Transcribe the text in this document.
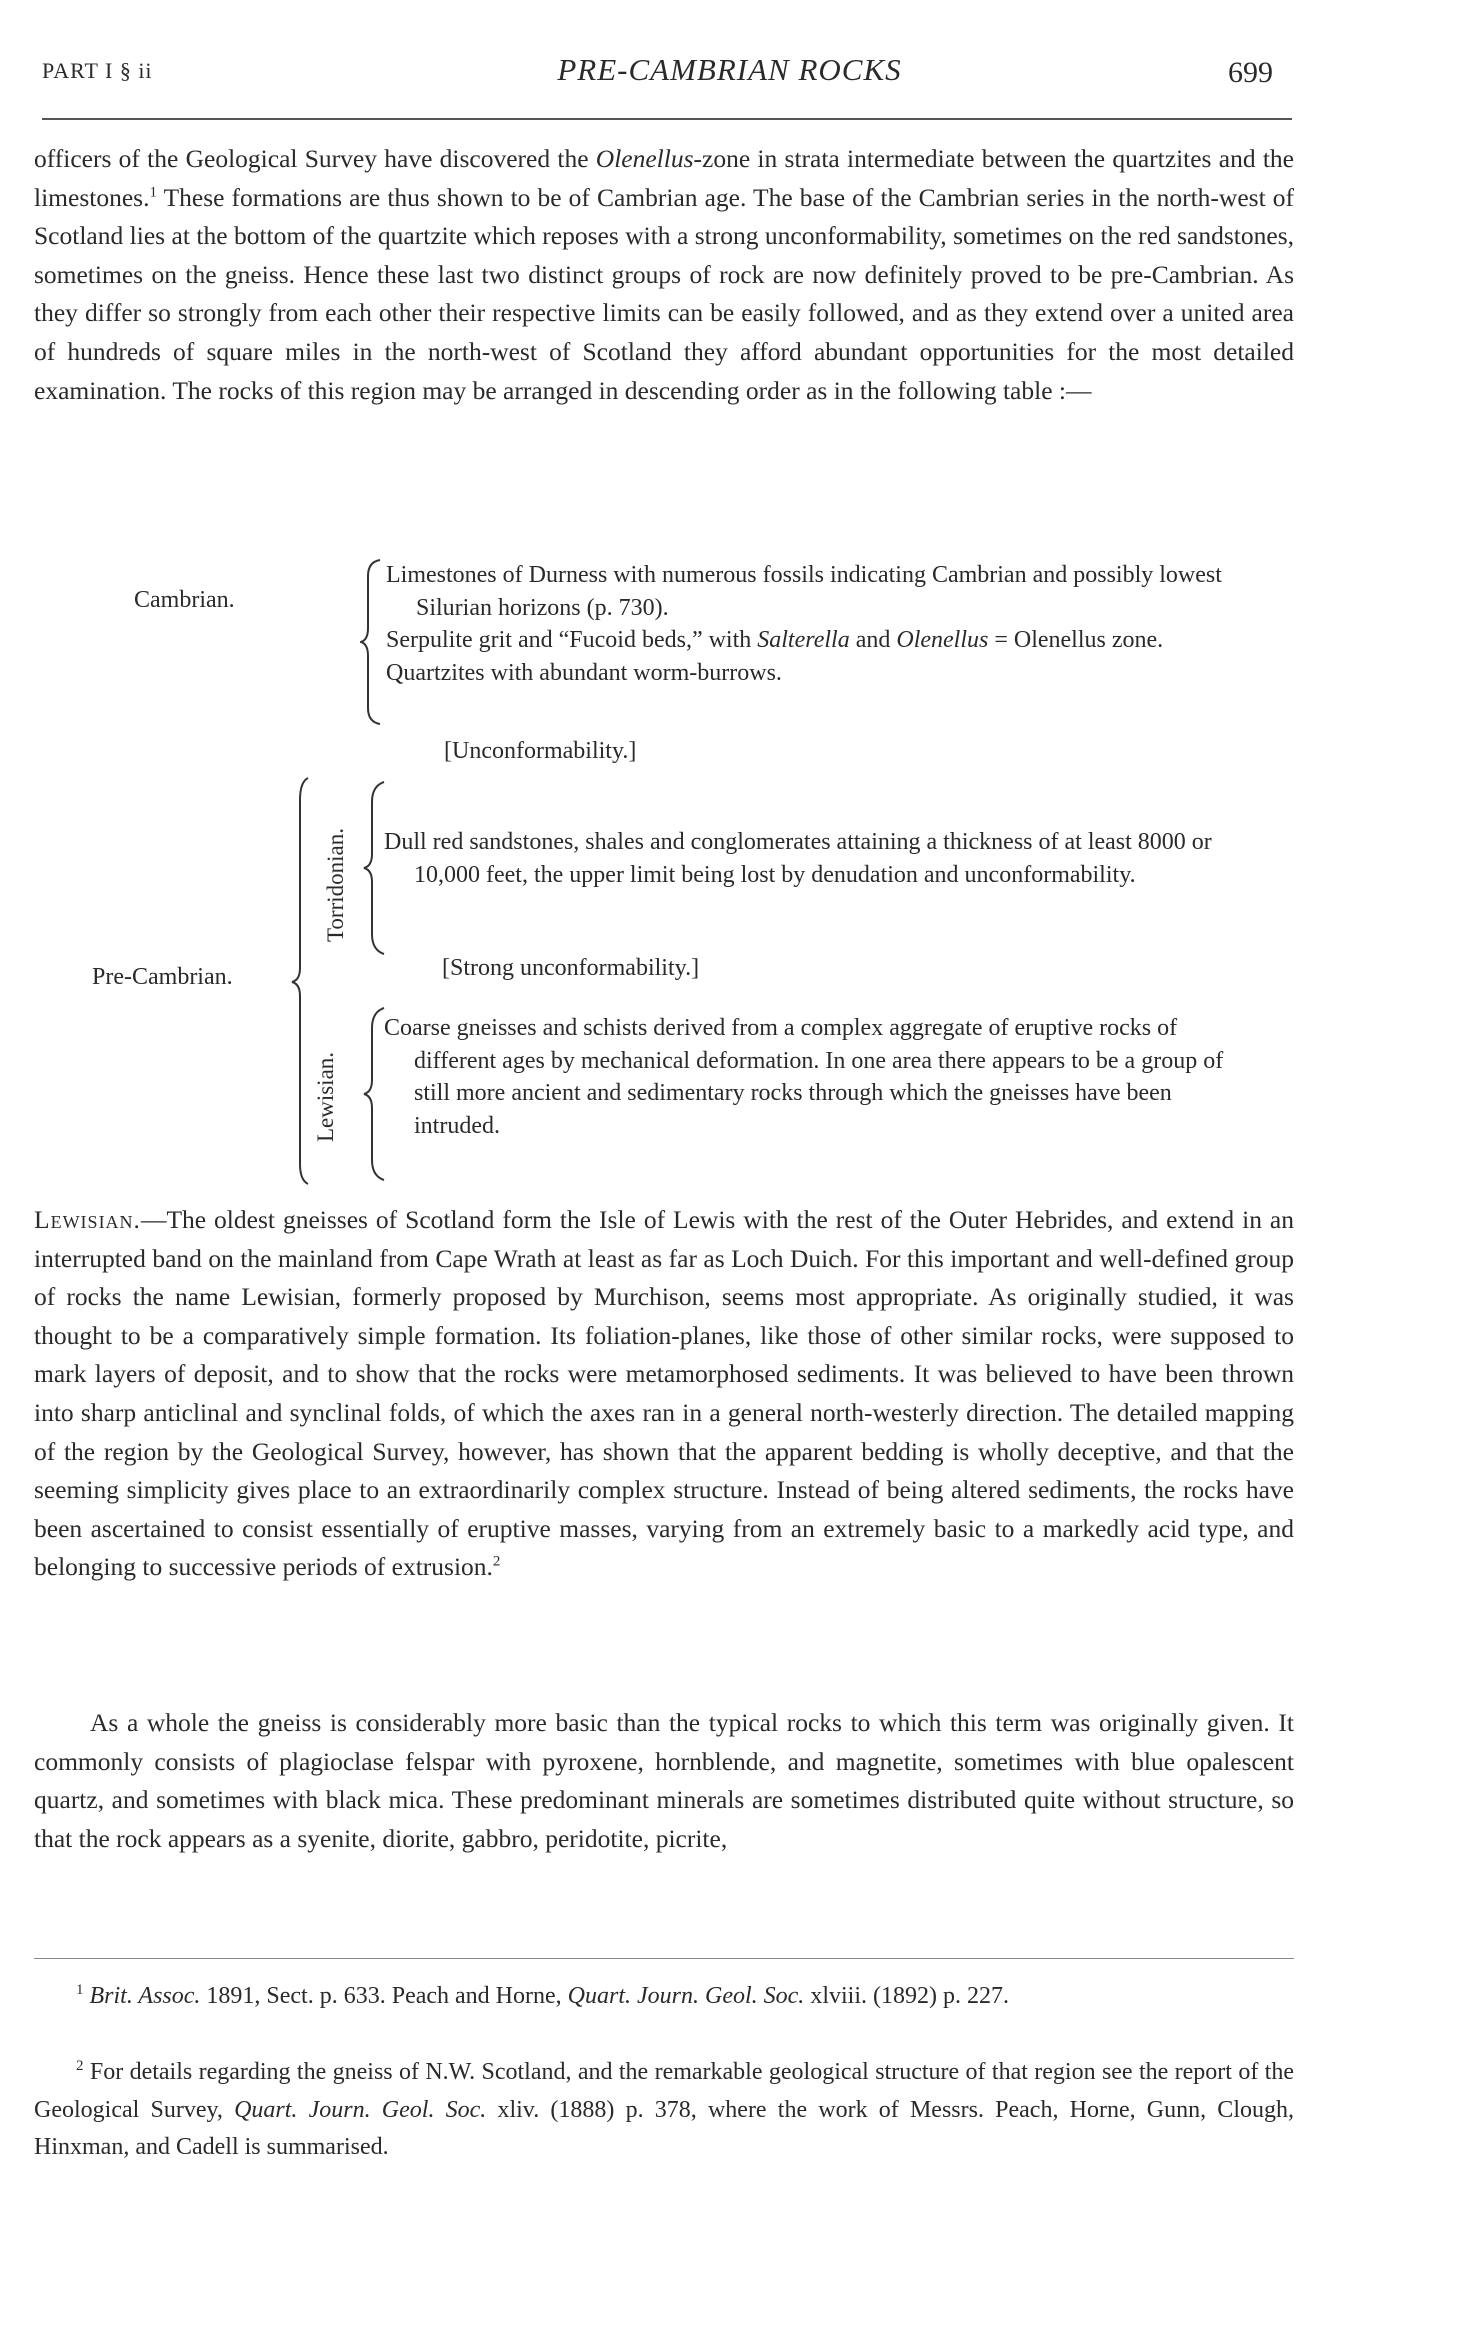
PART I § ii	PRE-CAMBRIAN ROCKS	699

officers of the Geological Survey have discovered the Olenellus-zone in strata intermediate between the quartzites and the limestones.$^1$ These formations are thus shown to be of Cambrian age. The base of the Cambrian series in the north-west of Scotland lies at the bottom of the quartzite which reposes with a strong unconformability, sometimes on the red sandstones, sometimes on the gneiss. Hence these last two distinct groups of rock are now definitely proved to be pre-Cambrian. As they differ so strongly from each other their respective limits can be easily followed, and as they extend over a united area of hundreds of square miles in the north-west of Scotland they afford abundant opportunities for the most detailed examination. The rocks of this region may be arranged in descending order as in the following table :—

Cambrian.

Limestones of Durness with numerous fossils indicating Cambrian and possibly lowest Silurian horizons (p. 730).

Serpulite grit and “Fucoid beds,” with Salterella and Olenellus = Olenellus zone.

Quartzites with abundant worm-burrows.

[Unconformability.]
Pre-Cambrian.
Torridonian. Dull red sandstones, shales and conglomerates attaining a thickness of at least 8000 or 10,000 feet, the upper limit being lost by denudation and unconformability.

[Strong unconformability.]
Lewisian.

Coarse gneisses and schists derived from a complex aggregate of eruptive rocks of different ages by mechanical deformation. In one area there appears to be a group of still more ancient and sedimentary rocks through which the gneisses have been intruded.

Lewisian.—The oldest gneisses of Scotland form the Isle of Lewis with the rest of the Outer Hebrides, and extend in an interrupted band on the mainland from Cape Wrath at least as far as Loch Duich. For this important and well-defined group of rocks the name Lewisian, formerly proposed by Murchison, seems most appropriate. As originally studied, it was thought to be a comparatively simple formation. Its foliation-planes, like those of other similar rocks, were supposed to mark layers of deposit, and to show that the rocks were metamorphosed sediments. It was believed to have been thrown into sharp anticlinal and synclinal folds, of which the axes ran in a general north-westerly direction. The detailed mapping of the region by the Geological Survey, however, has shown that the apparent bedding is wholly deceptive, and that the seeming simplicity gives place to an extraordinarily complex structure. Instead of being altered sediments, the rocks have been ascertained to consist essentially of eruptive masses, varying from an extremely basic to a markedly acid type, and belonging to successive periods of extrusion.$^2$

As a whole the gneiss is considerably more basic than the typical rocks to which this term was originally given. It commonly consists of plagioclase felspar with pyroxene, hornblende, and magnetite, sometimes with blue opalescent quartz, and sometimes with black mica. These predominant minerals are sometimes distributed quite without structure, so that the rock appears as a syenite, diorite, gabbro, peridotite, picrite,

$^1$ Brit. Assoc. 1891, Sect. p. 633. Peach and Horne, Quart. Journ. Geol. Soc. xlviii. (1892) p. 227.

$^2$ For details regarding the gneiss of N.W. Scotland, and the remarkable geological structure of that region see the report of the Geological Survey, Quart. Journ. Geol. Soc. xliv. (1888) p. 378, where the work of Messrs. Peach, Horne, Gunn, Clough, Hinxman, and Cadell is summarised.
